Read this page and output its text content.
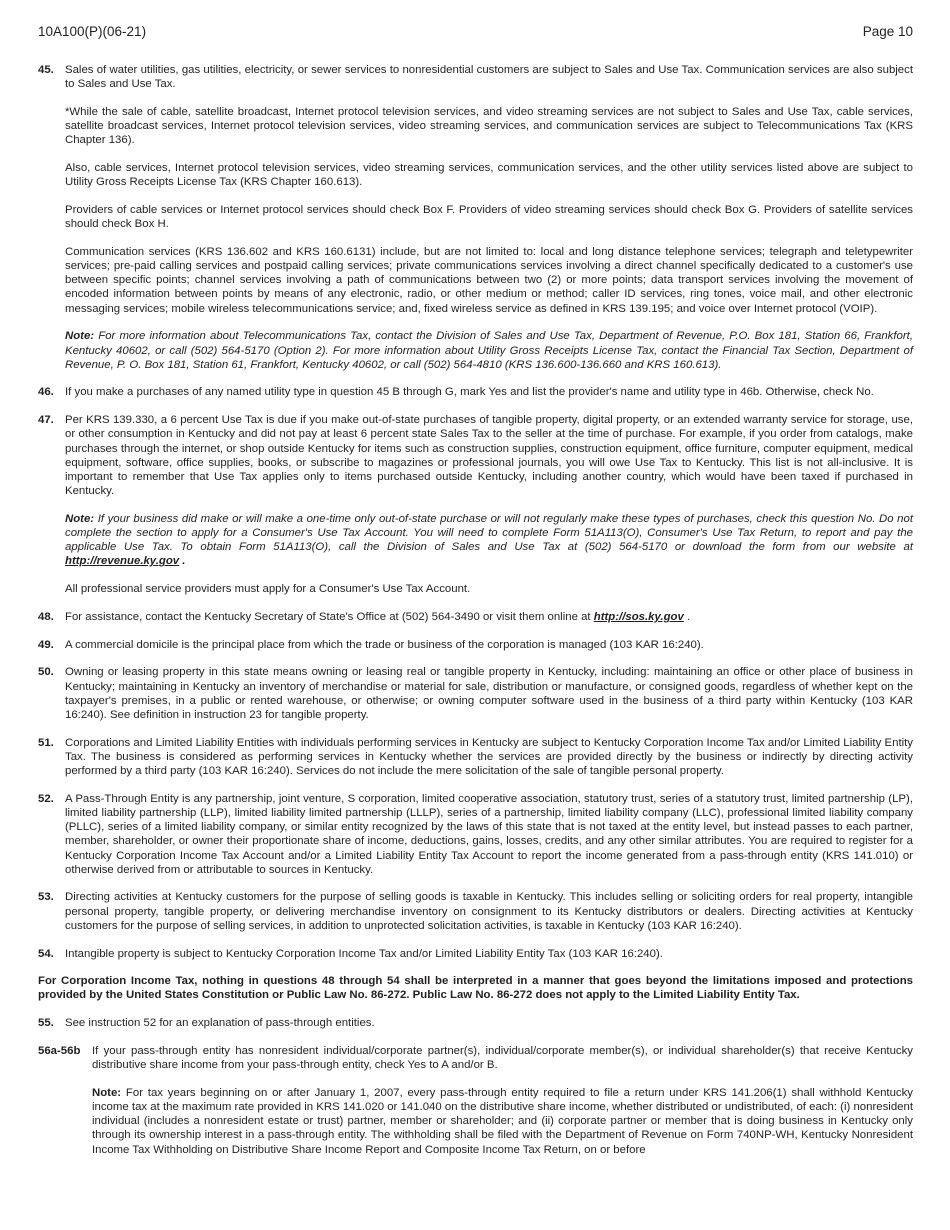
10A100(P)(06-21)	Page 10
45. Sales of water utilities, gas utilities, electricity, or sewer services to nonresidential customers are subject to Sales and Use Tax. Communication services are also subject to Sales and Use Tax.

*While the sale of cable, satellite broadcast, Internet protocol television services, and video streaming services are not subject to Sales and Use Tax, cable services, satellite broadcast services, Internet protocol television services, video streaming services, and communication services are subject to Telecommunications Tax (KRS Chapter 136).

Also, cable services, Internet protocol television services, video streaming services, communication services, and the other utility services listed above are subject to Utility Gross Receipts License Tax (KRS Chapter 160.613).

Providers of cable services or Internet protocol services should check Box F. Providers of video streaming services should check Box G. Providers of satellite services should check Box H.

Communication services (KRS 136.602 and KRS 160.6131) include, but are not limited to: local and long distance telephone services; telegraph and teletypewriter services; pre-paid calling services and postpaid calling services; private communications services involving a direct channel specifically dedicated to a customer's use between specific points; channel services involving a path of communications between two (2) or more points; data transport services involving the movement of encoded information between points by means of any electronic, radio, or other medium or method; caller ID services, ring tones, voice mail, and other electronic messaging services; mobile wireless telecommunications service; and, fixed wireless service as defined in KRS 139.195; and voice over Internet protocol (VOIP).

Note: For more information about Telecommunications Tax, contact the Division of Sales and Use Tax, Department of Revenue, P.O. Box 181, Station 66, Frankfort, Kentucky 40602, or call (502) 564-5170 (Option 2). For more information about Utility Gross Receipts License Tax, contact the Financial Tax Section, Department of Revenue, P. O. Box 181, Station 61, Frankfort, Kentucky 40602, or call (502) 564-4810 (KRS 136.600-136.660 and KRS 160.613).

46. If you make a purchases of any named utility type in question 45 B through G, mark Yes and list the provider's name and utility type in 46b. Otherwise, check No.

47. Per KRS 139.330, a 6 percent Use Tax is due if you make out-of-state purchases of tangible property, digital property, or an extended warranty service for storage, use, or other consumption in Kentucky and did not pay at least 6 percent state Sales Tax to the seller at the time of purchase. For example, if you order from catalogs, make purchases through the internet, or shop outside Kentucky for items such as construction supplies, construction equipment, office furniture, computer equipment, medical equipment, software, office supplies, books, or subscribe to magazines or professional journals, you will owe Use Tax to Kentucky. This list is not all-inclusive. It is important to remember that Use Tax applies only to items purchased outside Kentucky, including another country, which would have been taxed if purchased in Kentucky.

Note: If your business did make or will make a one-time only out-of-state purchase or will not regularly make these types of purchases, check this question No. Do not complete the section to apply for a Consumer's Use Tax Account. You will need to complete Form 51A113(O), Consumer's Use Tax Return, to report and pay the applicable Use Tax. To obtain Form 51A113(O), call the Division of Sales and Use Tax at (502) 564-5170 or download the form from our website at http://revenue.ky.gov .

All professional service providers must apply for a Consumer's Use Tax Account.

48. For assistance, contact the Kentucky Secretary of State's Office at (502) 564-3490 or visit them online at http://sos.ky.gov .

49. A commercial domicile is the principal place from which the trade or business of the corporation is managed (103 KAR 16:240).

50. Owning or leasing property in this state means owning or leasing real or tangible property in Kentucky, including: maintaining an office or other place of business in Kentucky; maintaining in Kentucky an inventory of merchandise or material for sale, distribution or manufacture, or consigned goods, regardless of whether kept on the taxpayer's premises, in a public or rented warehouse, or otherwise; or owning computer software used in the business of a third party within Kentucky (103 KAR 16:240). See definition in instruction 23 for tangible property.

51. Corporations and Limited Liability Entities with individuals performing services in Kentucky are subject to Kentucky Corporation Income Tax and/or Limited Liability Entity Tax. The business is considered as performing services in Kentucky whether the services are provided directly by the business or indirectly by directing activity performed by a third party (103 KAR 16:240). Services do not include the mere solicitation of the sale of tangible personal property.

52. A Pass-Through Entity is any partnership, joint venture, S corporation, limited cooperative association, statutory trust, series of a statutory trust, limited partnership (LP), limited liability partnership (LLP), limited liability limited partnership (LLLP), series of a partnership, limited liability company (LLC), professional limited liability company (PLLC), series of a limited liability company, or similar entity recognized by the laws of this state that is not taxed at the entity level, but instead passes to each partner, member, shareholder, or owner their proportionate share of income, deductions, gains, losses, credits, and any other similar attributes. You are required to register for a Kentucky Corporation Income Tax Account and/or a Limited Liability Entity Tax Account to report the income generated from a pass-through entity (KRS 141.010) or otherwise derived from or attributable to sources in Kentucky.

53. Directing activities at Kentucky customers for the purpose of selling goods is taxable in Kentucky. This includes selling or soliciting orders for real property, intangible personal property, tangible property, or delivering merchandise inventory on consignment to its Kentucky distributors or dealers. Directing activities at Kentucky customers for the purpose of selling services, in addition to unprotected solicitation activities, is taxable in Kentucky (103 KAR 16:240).

54. Intangible property is subject to Kentucky Corporation Income Tax and/or Limited Liability Entity Tax (103 KAR 16:240).

For Corporation Income Tax, nothing in questions 48 through 54 shall be interpreted in a manner that goes beyond the limitations imposed and protections provided by the United States Constitution or Public Law No. 86-272. Public Law No. 86-272 does not apply to the Limited Liability Entity Tax.
55. See instruction 52 for an explanation of pass-through entities.

56a-56b	If your pass-through entity has nonresident individual/corporate partner(s), individual/corporate member(s), or individual shareholder(s) that receive Kentucky distributive share income from your pass-through entity, check Yes to A and/or B.

Note: For tax years beginning on or after January 1, 2007, every pass-through entity required to file a return under KRS 141.206(1) shall withhold Kentucky income tax at the maximum rate provided in KRS 141.020 or 141.040 on the distributive share income, whether distributed or undistributed, of each: (i) nonresident individual (includes a nonresident estate or trust) partner, member or shareholder; and (ii) corporate partner or member that is doing business in Kentucky only through its ownership interest in a pass-through entity. The withholding shall be filed with the Department of Revenue on Form 740NP-WH, Kentucky Nonresident Income Tax Withholding on Distributive Share Income Report and Composite Income Tax Return, on or before
